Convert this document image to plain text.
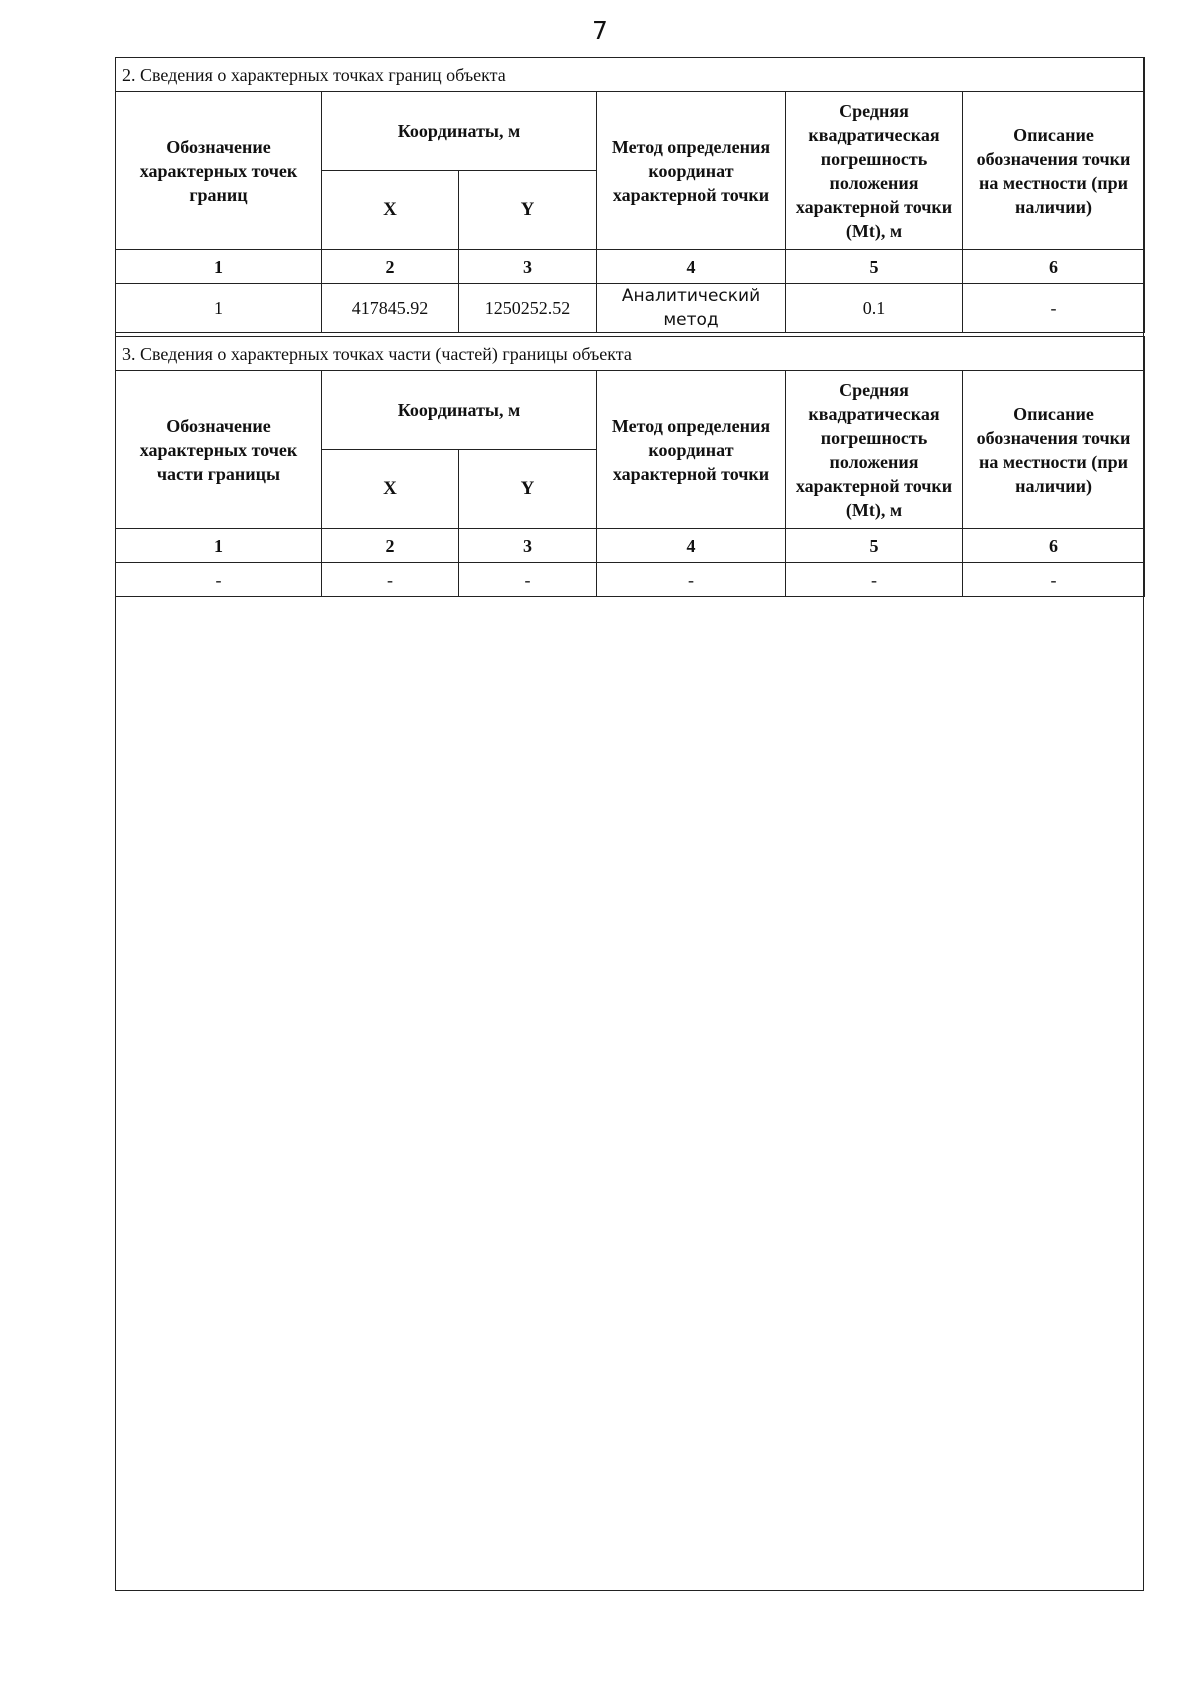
7
2. Сведения о характерных точках границ объекта					
Обозначение характерных точек границ	Координаты, м		Метод определения координат характерной точки	Средняя квадратическая погрешность положения характерной точки (Mt), м	Описание обозначения точки на местности (при наличии)
	X	Y			
1	2	3	4	5	6
1	417845.92	1250252.52	Аналитический метод	0.1	-
3. Сведения о характерных точках части (частей) границы объекта					
Обозначение характерных точек части границы	Координаты, м		Метод определения координат характерной точки	Средняя квадратическая погрешность положения характерной точки (Mt), м	Описание обозначения точки на местности (при наличии)
	X	Y			
1	2	3	4	5	6
-	-	-	-	-	-
